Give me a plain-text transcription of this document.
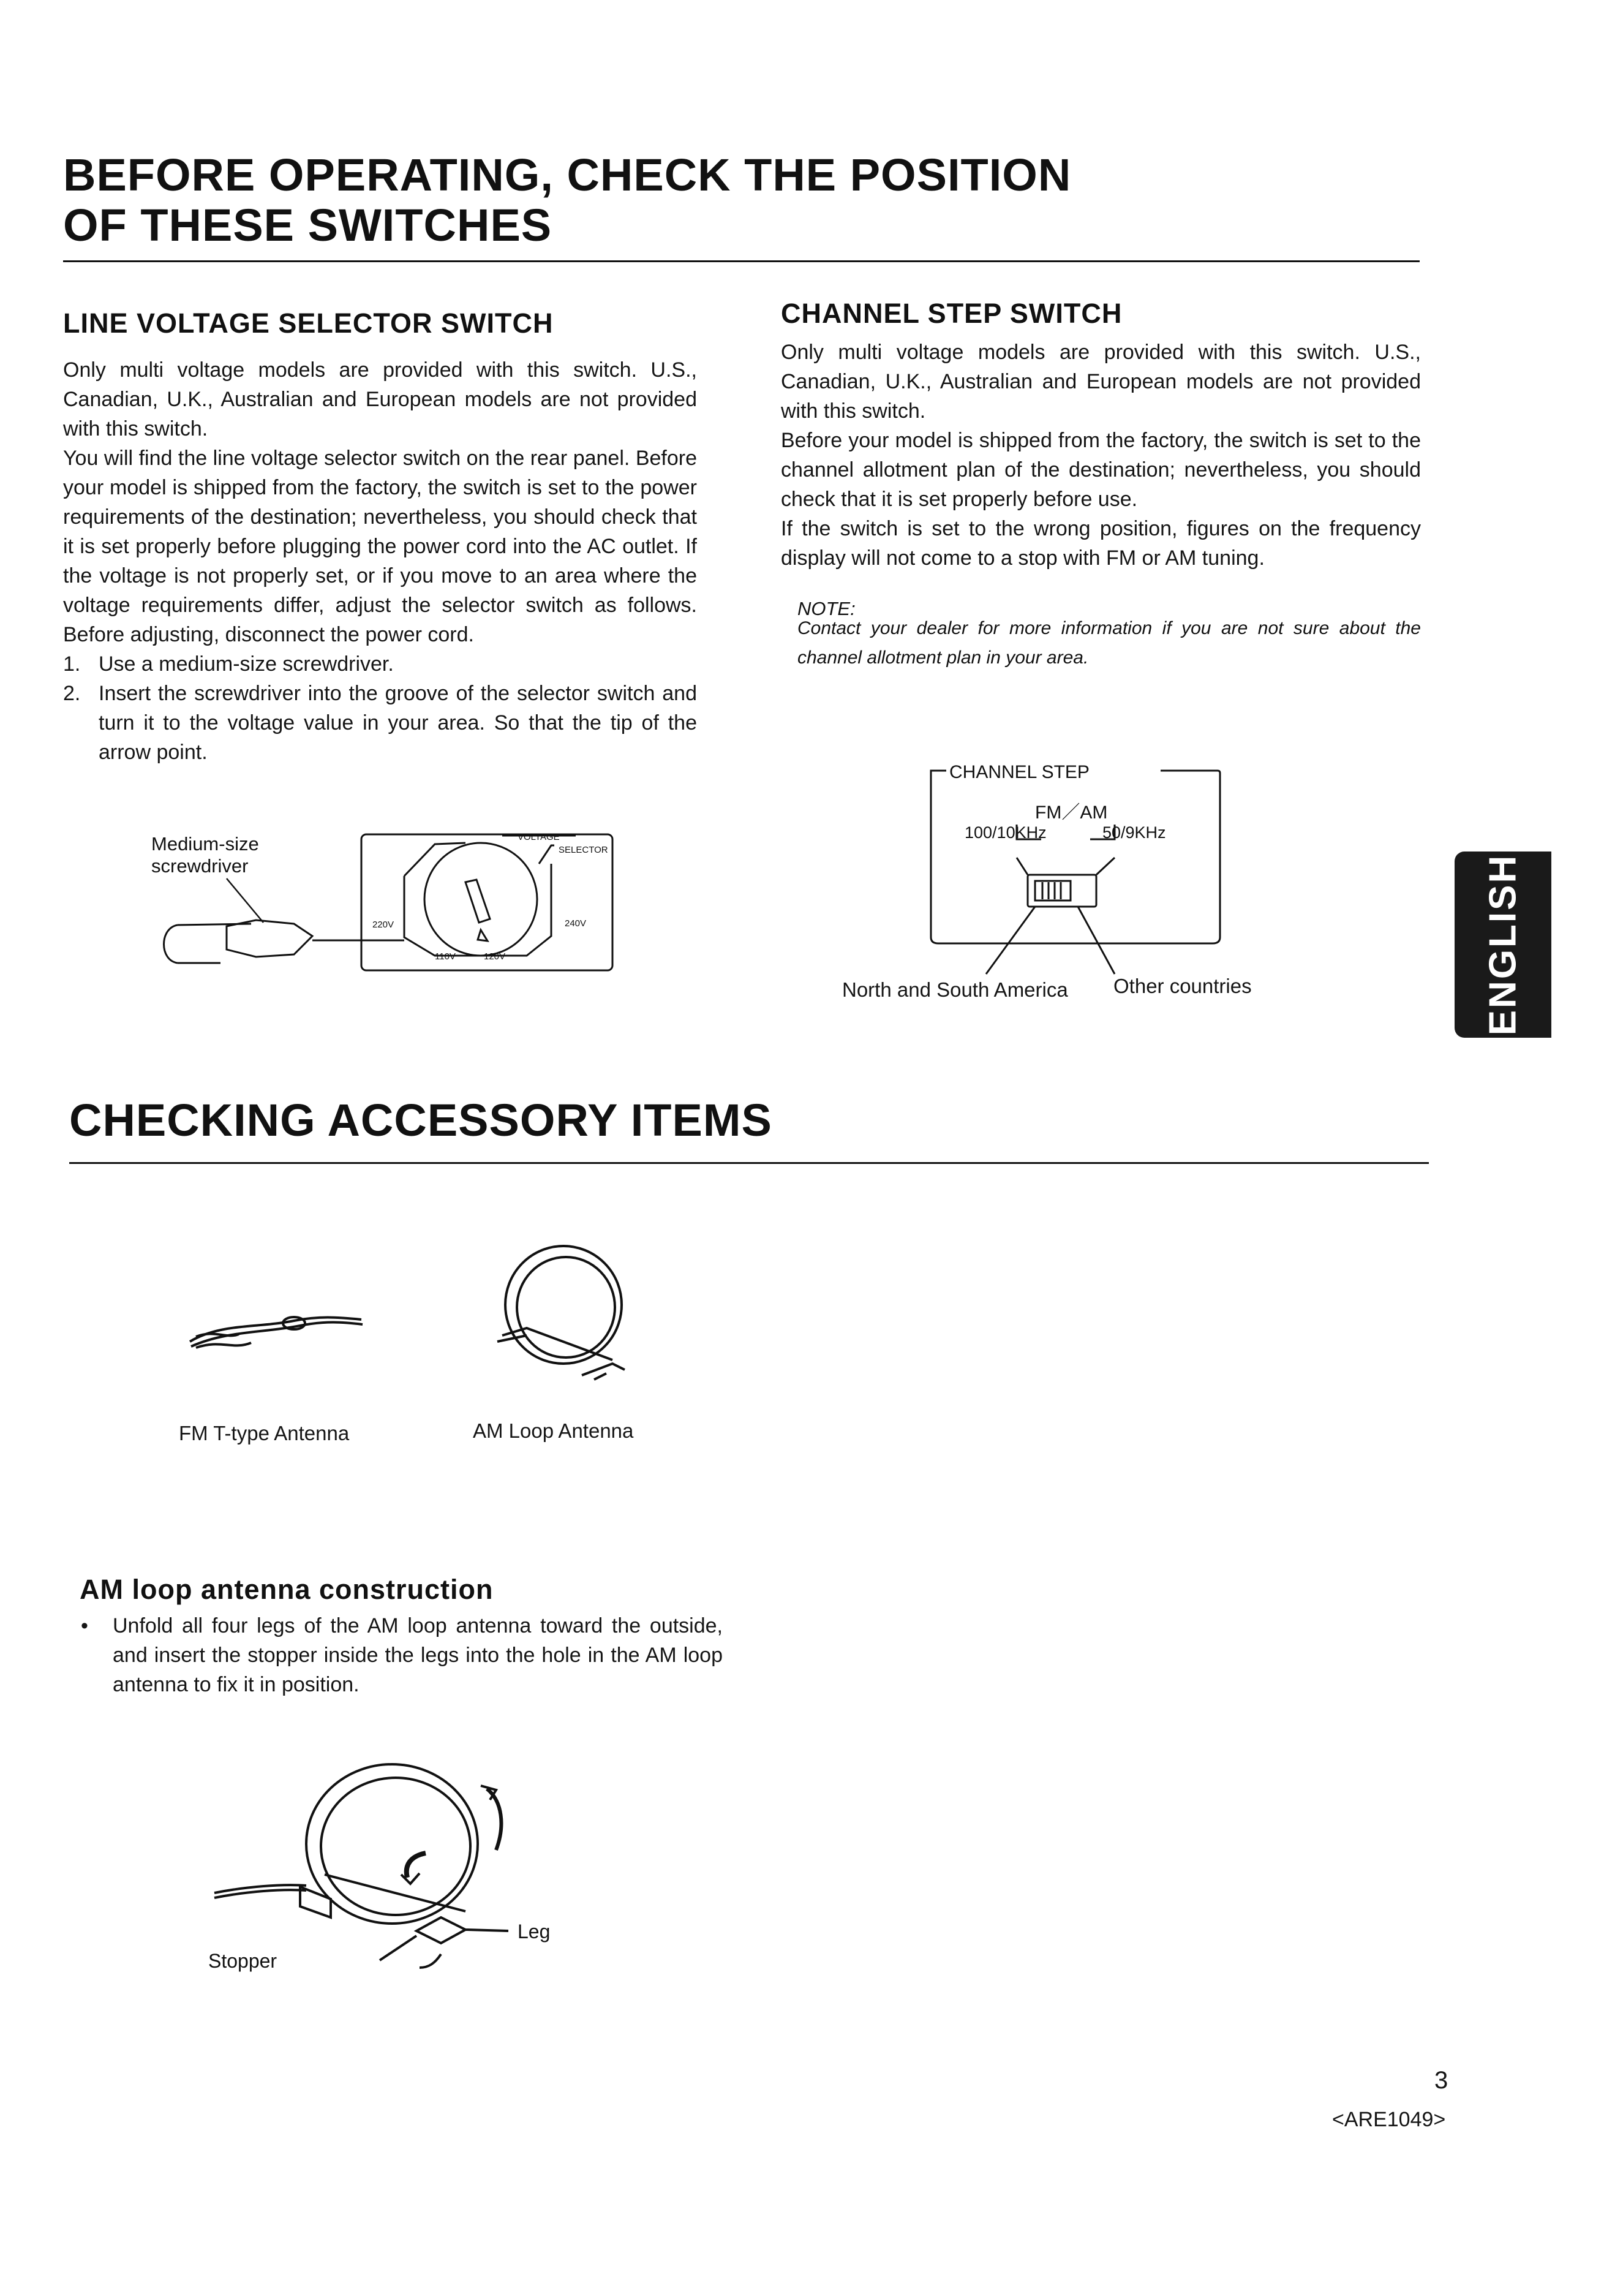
BEFORE OPERATING, CHECK THE POSITION
OF THESE SWITCHES
LINE VOLTAGE SELECTOR SWITCH

Only multi voltage models are provided with this switch. U.S., Canadian, U.K., Australian and European models are not provided with this switch.

You will find the line voltage selector switch on the rear panel. Before your model is shipped from the factory, the switch is set to the power requirements of the destination; nevertheless, you should check that it is set properly before plugging the power cord into the AC outlet. If the voltage is not properly set, or if you move to an area where the voltage requirements differ, adjust the selector switch as follows. Before adjusting, disconnect the power cord.

1. Use a medium-size screwdriver.
2. Insert the screwdriver into the groove of the selector switch and turn it to the voltage value in your area. So that the tip of the arrow point.
Medium-size
screwdriver
VOLTAGE
SELECTOR
220V	240V
110V	120V
CHANNEL STEP SWITCH

Only multi voltage models are provided with this switch. U.S., Canadian, U.K., Australian and European models are not provided with this switch.

Before your model is shipped from the factory, the switch is set to the channel allotment plan of the destination; nevertheless, you should check that it is set properly before use.

If the switch is set to the wrong position, figures on the frequency display will not come to a stop with FM or AM tuning.

NOTE:
Contact your dealer for more information if you are not sure about the channel allotment plan in your area.
CHANNEL STEP
FM／AM
100/10KHz	50/9KHz
North and South America Other countries	ENGLISH
CHECKING ACCESSORY ITEMS
FM T-type Antenna	AM Loop Antenna
AM loop antenna construction
• Unfold all four legs of the AM loop antenna toward the outside, and insert the stopper inside the legs into the hole in the AM loop antenna to fix it in position.
Stopper
Leg
3
<ARE1049>
